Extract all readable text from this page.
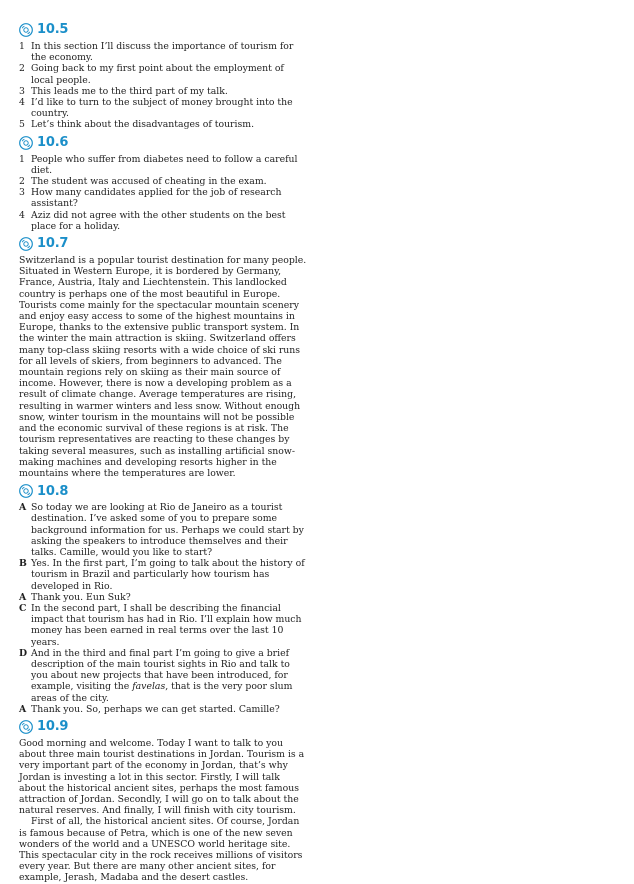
10.5
1 In this section I’ll discuss the importance of tourism for the economy.
2 Going back to my first point about the employment of local people.
3 This leads me to the third part of my talk.
4 I’d like to turn to the subject of money brought into the country.
5 Let’s think about the disadvantages of tourism.
10.6
1 People who suffer from diabetes need to follow a careful diet.
2 The student was accused of cheating in the exam.
3 How many candidates applied for the job of research assistant?
4 Aziz did not agree with the other students on the best place for a holiday.
10.7

Switzerland is a popular tourist destination for many people. Situated in Western Europe, it is bordered by Germany, France, Austria, Italy and Liechtenstein. This landlocked country is perhaps one of the most beautiful in Europe. Tourists come mainly for the spectacular mountain scenery and enjoy easy access to some of the highest mountains in Europe, thanks to the extensive public transport system. In the winter the main attraction is skiing. Switzerland offers many top-class skiing resorts with a wide choice of ski runs for all levels of skiers, from beginners to advanced. The mountain regions rely on skiing as their main source of income. However, there is now a developing problem as a result of climate change. Average temperatures are rising, resulting in warmer winters and less snow. Without enough snow, winter tourism in the mountains will not be possible and the economic survival of these regions is at risk. The tourism representatives are reacting to these changes by taking several measures, such as installing artificial snow-making machines and developing resorts higher in the mountains where the temperatures are lower.

10.8
A So today we are looking at Rio de Janeiro as a tourist destination. I’ve asked some of you to prepare some background information for us. Perhaps we could start by asking the speakers to introduce themselves and their talks. Camille, would you like to start?
B Yes. In the first part, I’m going to talk about the history of tourism in Brazil and particularly how tourism has developed in Rio.
A Thank you. Eun Suk?
C In the second part, I shall be describing the financial impact that tourism has had in Rio. I’ll explain how much money has been earned in real terms over the last 10 years.
D And in the third and final part I’m going to give a brief description of the main tourist sights in Rio and talk to you about new projects that have been introduced, for example, visiting the favelas, that is the very poor slum areas of the city.
A Thank you. So, perhaps we can get started. Camille?
10.9

Good morning and welcome. Today I want to talk to you about three main tourist destinations in Jordan. Tourism is a very important part of the economy in Jordan, that’s why Jordan is investing a lot in this sector. Firstly, I will talk about the historical ancient sites, perhaps the most famous attraction of Jordan. Secondly, I will go on to talk about the natural reserves. And finally, I will finish with city tourism.

First of all, the historical ancient sites. Of course, Jordan is famous because of Petra, which is one of the new seven wonders of the world and a UNESCO world heritage site. This spectacular city in the rock receives millions of visitors every year. But there are many other ancient sites, for example, Jerash, Madaba and the desert castles.
